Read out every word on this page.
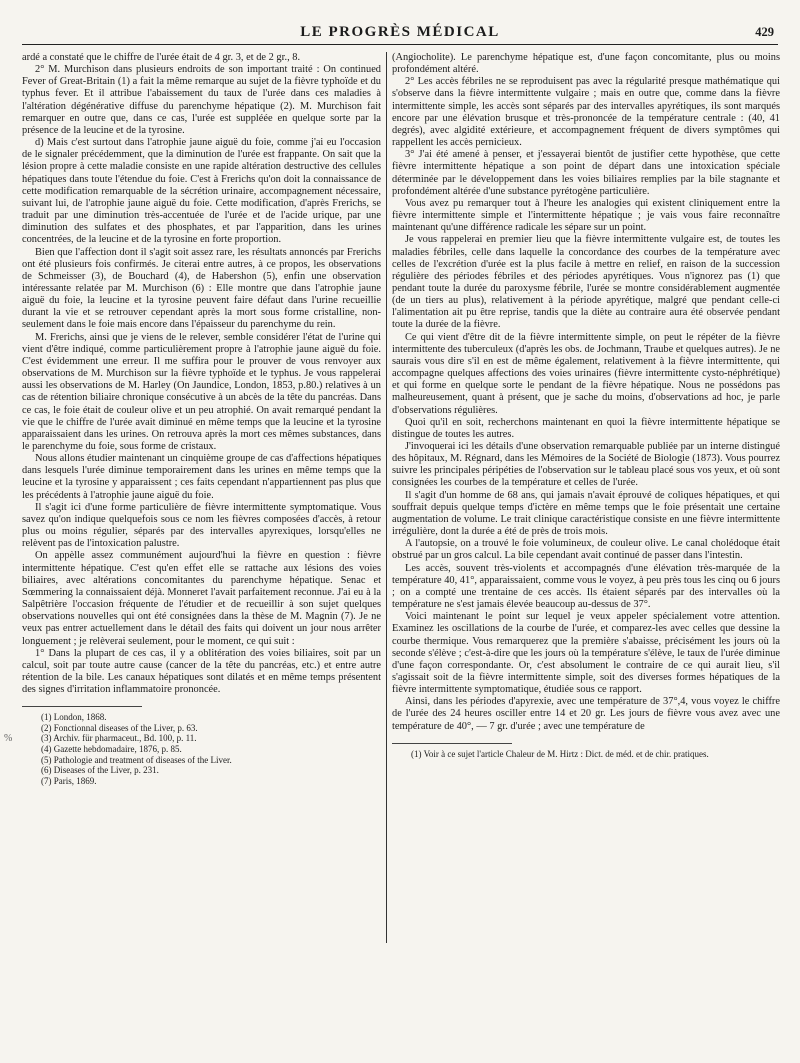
LE PROGRÈS MÉDICAL	429
%

ardé a constaté que le chiffre de l'urée était de 4 gr. 3, et de 2 gr., 8.

2° M. Murchison dans plusieurs endroits de son important traité : On continued Fever of Great-Britain (1) a fait la même remarque au sujet de la fièvre typhoïde et du typhus fever. Et il attribue l'abaissement du taux de l'urée dans ces maladies à l'altération dégénérative diffuse du parenchyme hépatique (2). M. Murchison fait remarquer en outre que, dans ce cas, l'urée est suppléée en quelque sorte par la présence de la leucine et de la tyrosine.

d) Mais c'est surtout dans l'atrophie jaune aiguë du foie, comme j'ai eu l'occasion de le signaler précédemment, que la diminution de l'urée est frappante. On sait que la lésion propre à cette maladie consiste en une rapide altération destructive des cellules hépatiques dans toute l'étendue du foie. C'est à Frerichs qu'on doit la connaissance de cette modification remarquable de la sécrétion urinaire, accompagnement nécessaire, suivant lui, de l'atrophie jaune aiguë du foie. Cette modification, d'après Frerichs, se traduit par une diminution très-accentuée de l'urée et de l'acide urique, par une diminution des sulfates et des phosphates, et par l'apparition, dans les urines concentrées, de la leucine et de la tyrosine en forte proportion.

Bien que l'affection dont il s'agit soit assez rare, les résultats annoncés par Frerichs ont été plusieurs fois confirmés. Je citerai entre autres, à ce propos, les observations de Schmeisser (3), de Bouchard (4), de Habershon (5), enfin une observation intéressante relatée par M. Murchison (6) : Elle montre que dans l'atrophie jaune aiguë du foie, la leucine et la tyrosine peuvent faire défaut dans l'urine recueillie durant la vie et se retrouver cependant après la mort sous forme cristalline, non-seulement dans le foie mais encore dans l'épaisseur du parenchyme du rein.

M. Frerichs, ainsi que je viens de le relever, semble considérer l'état de l'urine qui vient d'être indiqué, comme particulièrement propre à l'atrophie jaune aiguë du foie. C'est évidemment une erreur. Il me suffira pour le prouver de vous renvoyer aux observations de M. Murchison sur la fièvre typhoïde et le typhus. Je vous rappelerai aussi les observations de M. Harley (On Jaundice, London, 1853, p.80.) relatives à un cas de rétention biliaire chronique consécutive à un abcès de la tête du pancréas. Dans ce cas, le foie était de couleur olive et un peu atrophié. On avait remarqué pendant la vie que le chiffre de l'urée avait diminué en même temps que la leucine et la tyrosine apparaissaient dans les urines. On retrouva après la mort ces mêmes substances, dans le parenchyme du foie, sous forme de cristaux.

Nous allons étudier maintenant un cinquième groupe de cas d'affections hépatiques dans lesquels l'urée diminue temporairement dans les urines en même temps que la leucine et la tyrosine y apparaissent ; ces faits cependant n'appartiennent pas plus que les précédents à l'atrophie jaune aiguë du foie.

Il s'agit ici d'une forme particulière de fièvre intermittente symptomatique. Vous savez qu'on indique quelquefois sous ce nom les fièvres composées d'accès, à retour plus ou moins régulier, séparés par des intervalles apyrexiques, lorsqu'elles ne relèvent pas de l'intoxication palustre.

On appèlle assez communément aujourd'hui la fièvre en question : fièvre intermittente hépatique. C'est qu'en effet elle se rattache aux lésions des voies biliaires, avec altérations concomitantes du parenchyme hépatique. Senac et Sœmmering la connaissaient déjà. Monneret l'avait parfaitement reconnue. J'ai eu à la Salpêtrière l'occasion fréquente de l'étudier et de recueillir à son sujet quelques observations nouvelles qui ont été consignées dans la thèse de M. Magnin (7). Je ne veux pas entrer actuellement dans le détail des faits qui doivent un jour nous arrêter longuement ; je relèverai seulement, pour le moment, ce qui suit :

1° Dans la plupart de ces cas, il y a oblitération des voies biliaires, soit par un calcul, soit par toute autre cause (cancer de la tête du pancréas, etc.) et entre autre rétention de la bile. Les canaux hépatiques sont dilatés et en même temps présentent des signes d'irritation inflammatoire prononcée.

(1) London, 1868.

(2) Fonctionnal diseases of the Liver, p. 63.

(3) Archiv. für pharmaceut., Bd. 100, p. 11.

(4) Gazette hebdomadaire, 1876, p. 85.

(5) Pathologie and treatment of diseases of the Liver.

(6) Diseases of the Liver, p. 231.

(7) Paris, 1869.

(Angiocholite). Le parenchyme hépatique est, d'une façon concomitante, plus ou moins profondément altéré.

2° Les accès fébriles ne se reproduisent pas avec la régularité presque mathématique qui s'observe dans la fièvre intermittente vulgaire ; mais en outre que, comme dans la fièvre intermittente simple, les accès sont séparés par des intervalles apyrétiques, ils sont marqués encore par une élévation brusque et très-prononcée de la température centrale : (40, 41 degrés), avec algidité extérieure, et accompagnement fréquent de divers symptômes qui rappellent les accès pernicieux.

3° J'ai été amené à penser, et j'essayerai bientôt de justifier cette hypothèse, que cette fièvre intermittente hépatique a son point de départ dans une intoxication spéciale déterminée par le développement dans les voies biliaires remplies par la bile stagnante et profondément altérée d'une substance pyrétogène particulière.

Vous avez pu remarquer tout à l'heure les analogies qui existent cliniquement entre la fièvre intermittente simple et l'intermittente hépatique ; je vais vous faire reconnaître maintenant qu'une différence radicale les sépare sur un point.

Je vous rappelerai en premier lieu que la fièvre intermittente vulgaire est, de toutes les maladies fébriles, celle dans laquelle la concordance des courbes de la température avec celles de l'excrétion d'urée est la plus facile à mettre en relief, en raison de la succession régulière des périodes fébriles et des périodes apyrétiques. Vous n'ignorez pas (1) que pendant toute la durée du paroxysme fébrile, l'urée se montre considérablement augmentée (de un tiers au plus), relativement à la période apyrétique, malgré que pendant celle-ci l'alimentation ait pu être reprise, tandis que la diète au contraire aura été observée pendant toute la durée de la fièvre.

Ce qui vient d'être dit de la fièvre intermittente simple, on peut le répéter de la fièvre intermittente des tuberculeux (d'après les obs. de Jochmann, Traube et quelques autres). Je ne saurais vous dire s'il en est de même également, relativement à la fièvre intermittente, qui accompagne quelques affections des voies urinaires (fièvre intermittente cysto-néphrétique) et qui forme en quelque sorte le pendant de la fièvre hépatique. Nous ne possédons pas malheureusement, quant à présent, que je sache du moins, d'observations ad hoc, je parle d'observations régulières.

Quoi qu'il en soit, recherchons maintenant en quoi la fièvre intermittente hépatique se distingue de toutes les autres.

J'invoquerai ici les détails d'une observation remarquable publiée par un interne distingué des hôpitaux, M. Régnard, dans les Mémoires de la Société de Biologie (1873). Vous pourrez suivre les principales péripéties de l'observation sur le tableau placé sous vos yeux, et où sont consignées les courbes de la température et celles de l'urée.

Il s'agit d'un homme de 68 ans, qui jamais n'avait éprouvé de coliques hépatiques, et qui souffrait depuis quelque temps d'ictère en même temps que le foie présentait une certaine augmentation de volume. Le trait clinique caractéristique consiste en une fièvre intermittente irrégulière, dont la durée a été de près de trois mois.

A l'autopsie, on a trouvé le foie volumineux, de couleur olive. Le canal cholédoque était obstrué par un gros calcul. La bile cependant avait continué de passer dans l'intestin.

Les accès, souvent très-violents et accompagnés d'une élévation très-marquée de la température 40, 41°, apparaissaient, comme vous le voyez, à peu près tous les cinq ou 6 jours ; on a compté une trentaine de ces accès. Ils étaient séparés par des intervalles où la température ne s'est jamais élevée beaucoup au-dessus de 37°.

Voici maintenant le point sur lequel je veux appeler spécialement votre attention. Examinez les oscillations de la courbe de l'urée, et comparez-les avec celles que dessine la courbe thermique. Vous remarquerez que la première s'abaisse, précisément les jours où la seconde s'élève ; c'est-à-dire que les jours où la température s'élève, le taux de l'urée diminue d'une façon correspondante. Or, c'est absolument le contraire de ce qui aurait lieu, s'il s'agissait soit de la fièvre intermittente simple, soit des diverses formes hépatiques de la fièvre intermittente symptomatique, étudiée sous ce rapport.

Ainsi, dans les périodes d'apyrexie, avec une température de 37°,4, vous voyez le chiffre de l'urée des 24 heures osciller entre 14 et 20 gr. Les jours de fièvre vous avez avec une température de 40°, — 7 gr. d'urée ; avec une température de

(1) Voir à ce sujet l'article Chaleur de M. Hirtz : Dict. de méd. et de chir. pratiques.
